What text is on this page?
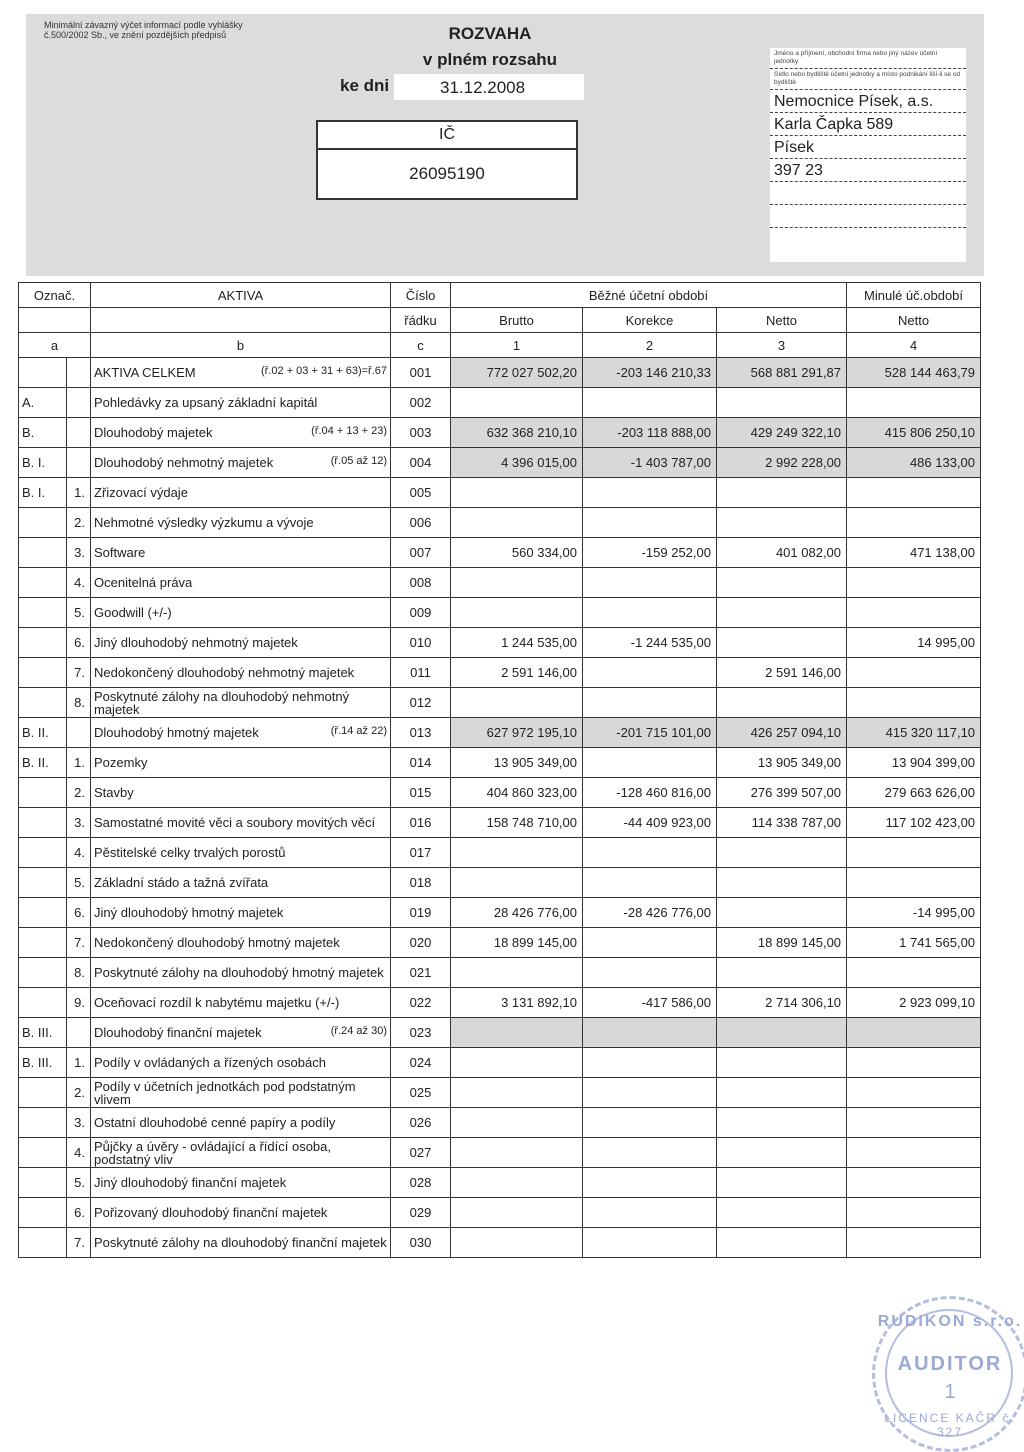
Minimální závazný výčet informací podle vyhlášky č.500/2002 Sb., ve znění pozdějších předpisů	ROZVAHA
v plném rozsahu
ke dni	31.12.2008
IČ
26095190
Jméno a příjmení, obchodní firma nebo jiný název účetní jednotky
Sídlo nebo bydliště účetní jednotky a místo podnikání liší-li se od bydliště
Nemocnice Písek, a.s.
Karla Čapka 589
Písek
397 23
Označ.		AKTIVA	Číslo	Běžné účetní období			Minulé úč.období
			řádku	Brutto	Korekce	Netto	Netto
a		b	c	1	2	3	4
		AKTIVA CELKEM (ř.02 + 03 + 31 + 63)=ř.67	001	772 027 502,20	-203 146 210,33	568 881 291,87	528 144 463,79
A.		Pohledávky za upsaný základní kapitál	002				
B.		Dlouhodobý majetek (ř.04 + 13 + 23)	003	632 368 210,10	-203 118 888,00	429 249 322,10	415 806 250,10
B. I.		Dlouhodobý nehmotný majetek (ř.05 až 12)	004	4 396 015,00	-1 403 787,00	2 992 228,00	486 133,00
B. I.	1.	Zřizovací výdaje	005				
	2.	Nehmotné výsledky výzkumu a vývoje	006				
	3.	Software	007	560 334,00	-159 252,00	401 082,00	471 138,00
	4.	Ocenitelná práva	008				
	5.	Goodwill (+/-)	009				
	6.	Jiný dlouhodobý nehmotný majetek	010	1 244 535,00	-1 244 535,00		14 995,00
	7.	Nedokončený dlouhodobý nehmotný majetek	011	2 591 146,00		2 591 146,00	
	8.	Poskytnuté zálohy na dlouhodobý nehmotný majetek	012				
B. II.		Dlouhodobý hmotný majetek (ř.14 až 22)	013	627 972 195,10	-201 715 101,00	426 257 094,10	415 320 117,10
B. II.	1.	Pozemky	014	13 905 349,00		13 905 349,00	13 904 399,00
	2.	Stavby	015	404 860 323,00	-128 460 816,00	276 399 507,00	279 663 626,00
	3.	Samostatné movité věci a soubory movitých věcí	016	158 748 710,00	-44 409 923,00	114 338 787,00	117 102 423,00
	4.	Pěstitelské celky trvalých porostů	017				
	5.	Základní stádo a tažná zvířata	018				
	6.	Jiný dlouhodobý hmotný majetek	019	28 426 776,00	-28 426 776,00		-14 995,00
	7.	Nedokončený dlouhodobý hmotný majetek	020	18 899 145,00		18 899 145,00	1 741 565,00
	8.	Poskytnuté zálohy na dlouhodobý hmotný majetek	021				
	9.	Oceňovací rozdíl k nabytému majetku (+/-)	022	3 131 892,10	-417 586,00	2 714 306,10	2 923 099,10
B. III.		Dlouhodobý finanční majetek (ř.24 až 30)	023				
B. III.	1.	Podíly v ovládaných a řízených osobách	024				
	2.	Podíly v účetních jednotkách pod podstatným vlivem	025				
	3.	Ostatní dlouhodobé cenné papíry a podíly	026				
	4.	Půjčky a úvěry - ovládající a řídící osoba, podstatný vliv	027				
	5.	Jiný dlouhodobý finanční majetek	028				
	6.	Pořizovaný dlouhodobý finanční majetek	029				
	7.	Poskytnuté zálohy na dlouhodobý finanční majetek	030				
RUDIKON s.r.o.
AUDITOR
1
LICENCE KAČR č. 327
